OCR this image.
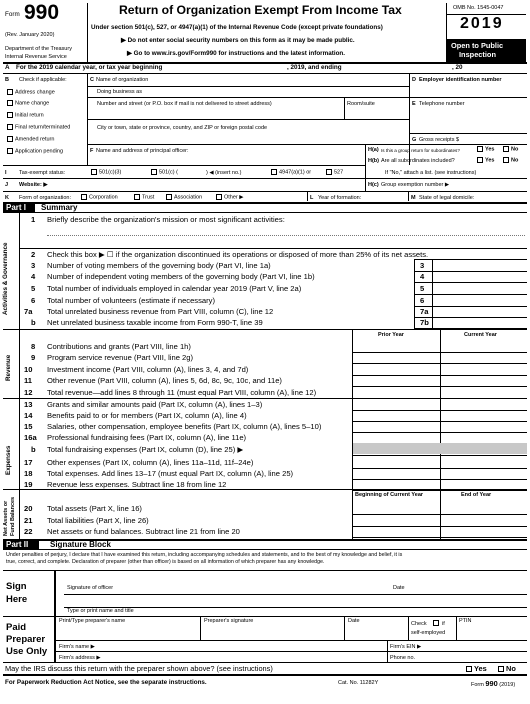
Form 990
(Rev. January 2020)
Department of the Treasury
Internal Revenue Service
Return of Organization Exempt From Income Tax
Under section 501(c), 527, or 4947(a)(1) of the Internal Revenue Code (except private foundations)
▶ Do not enter social security numbers on this form as it may be made public.
▶ Go to www.irs.gov/Form990 for instructions and the latest information.
OMB No. 1545-0047
2019
Open to Public
Inspection
A For the 2019 calendar year, or tax year beginning	, 2019, and ending	, 20
B Check if applicable:
Address change
Name change
Initial return
Final return/terminated
Amended return
Application pending
C Name of organization
Doing business as
Number and street (or P.O. box if mail is not delivered to street address)	Room/suite
City or town, state or province, country, and ZIP or foreign postal code
D Employer identification number
E Telephone number
G Gross receipts $
F Name and address of principal officer:	H(a) Is this a group return for subordinates?	Yes	No
H(b) Are all subordinates included?	Yes	No
I Tax-exempt status:	501(c)(3)	501(c) (	) ◀ (insert no.)	4947(a)(1) or	527	If "No," attach a list. (see instructions)
J Website: ▶	H(c) Group exemption number ▶
K Form of organization:	Corporation	Trust	Association	Other ▶	L Year of formation:	M State of legal domicile:
Part I Summary
Activities & Governance
Revenue
Expenses
Net Assets or Fund Balances
1 Briefly describe the organization's mission or most significant activities:
2 Check this box ▶ ☐ if the organization discontinued its operations or disposed of more than 25% of its net assets.
3 Number of voting members of the governing body (Part VI, line 1a)	3
4 Number of independent voting members of the governing body (Part VI, line 1b)	4
5 Total number of individuals employed in calendar year 2019 (Part V, line 2a)	5
6 Total number of volunteers (estimate if necessary)	6
7a Total unrelated business revenue from Part VIII, column (C), line 12	7a
b Net unrelated business taxable income from Form 990-T, line 39	7b
8 Contributions and grants (Part VIII, line 1h)
9 Program service revenue (Part VIII, line 2g)
10 Investment income (Part VIII, column (A), lines 3, 4, and 7d)
11 Other revenue (Part VIII, column (A), lines 5, 6d, 8c, 9c, 10c, and 11e)
12 Total revenue—add lines 8 through 11 (must equal Part VIII, column (A), line 12)
13 Grants and similar amounts paid (Part IX, column (A), lines 1–3)
14 Benefits paid to or for members (Part IX, column (A), line 4)
15 Salaries, other compensation, employee benefits (Part IX, column (A), lines 5–10)
16a Professional fundraising fees (Part IX, column (A), line 11e)
b Total fundraising expenses (Part IX, column (D), line 25) ▶
17 Other expenses (Part IX, column (A), lines 11a–11d, 11f–24e)
18 Total expenses. Add lines 13–17 (must equal Part IX, column (A), line 25)
19 Revenue less expenses. Subtract line 18 from line 12
20 Total assets (Part X, line 16)
21 Total liabilities (Part X, line 26)
22 Net assets or fund balances. Subtract line 21 from line 20
Prior Year	Current Year
Beginning of Current Year	End of Year
Part II	Signature Block
Under penalties of perjury, I declare that I have examined this return, including accompanying schedules and statements, and to the best of my knowledge and belief, it is
true, correct, and complete. Declaration of preparer (other than officer) is based on all information of which preparer has any knowledge.
Sign
Here
Signature of officer	Date
Type or print name and title
Paid
Preparer
Use Only
Print/Type preparer's name	Preparer's signature	Date	Check	if
self-employed
PTIN
Firm's name ▶	Firm's EIN ▶
Firm's address ▶	Phone no.
May the IRS discuss this return with the preparer shown above? (see instructions)	Yes	No
For Paperwork Reduction Act Notice, see the separate instructions.	Cat. No. 11282Y	Form 990 (2019)
